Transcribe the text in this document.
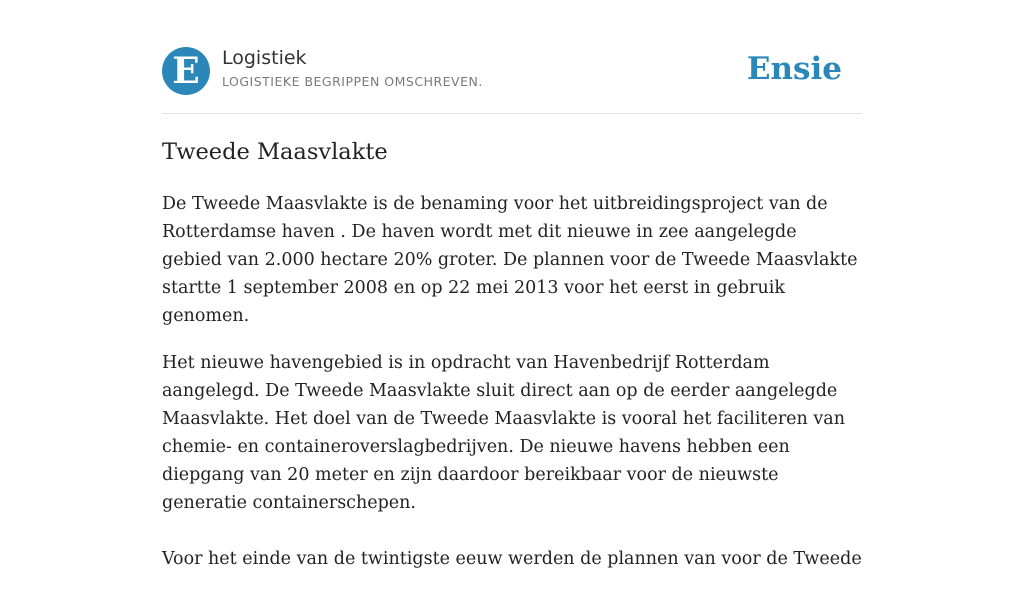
E	Logistiek
LOGISTIEKE BEGRIPPEN OMSCHREVEN.	Ensie
Tweede Maasvlakte

De Tweede Maasvlakte is de benaming voor het uitbreidingsproject van de Rotterdamse haven . De haven wordt met dit nieuwe in zee aangelegde gebied van 2.000 hectare 20% groter. De plannen voor de Tweede Maasvlakte startte 1 september 2008 en op 22 mei 2013 voor het eerst in gebruik genomen.

Het nieuwe havengebied is in opdracht van Havenbedrijf Rotterdam aangelegd. De Tweede Maasvlakte sluit direct aan op de eerder aangelegde Maasvlakte. Het doel van de Tweede Maasvlakte is vooral het faciliteren van chemie- en containeroverslagbedrijven. De nieuwe havens hebben een diepgang van 20 meter en zijn daardoor bereikbaar voor de nieuwste generatie containerschepen.

Voor het einde van de twintigste eeuw werden de plannen van voor de Tweede
